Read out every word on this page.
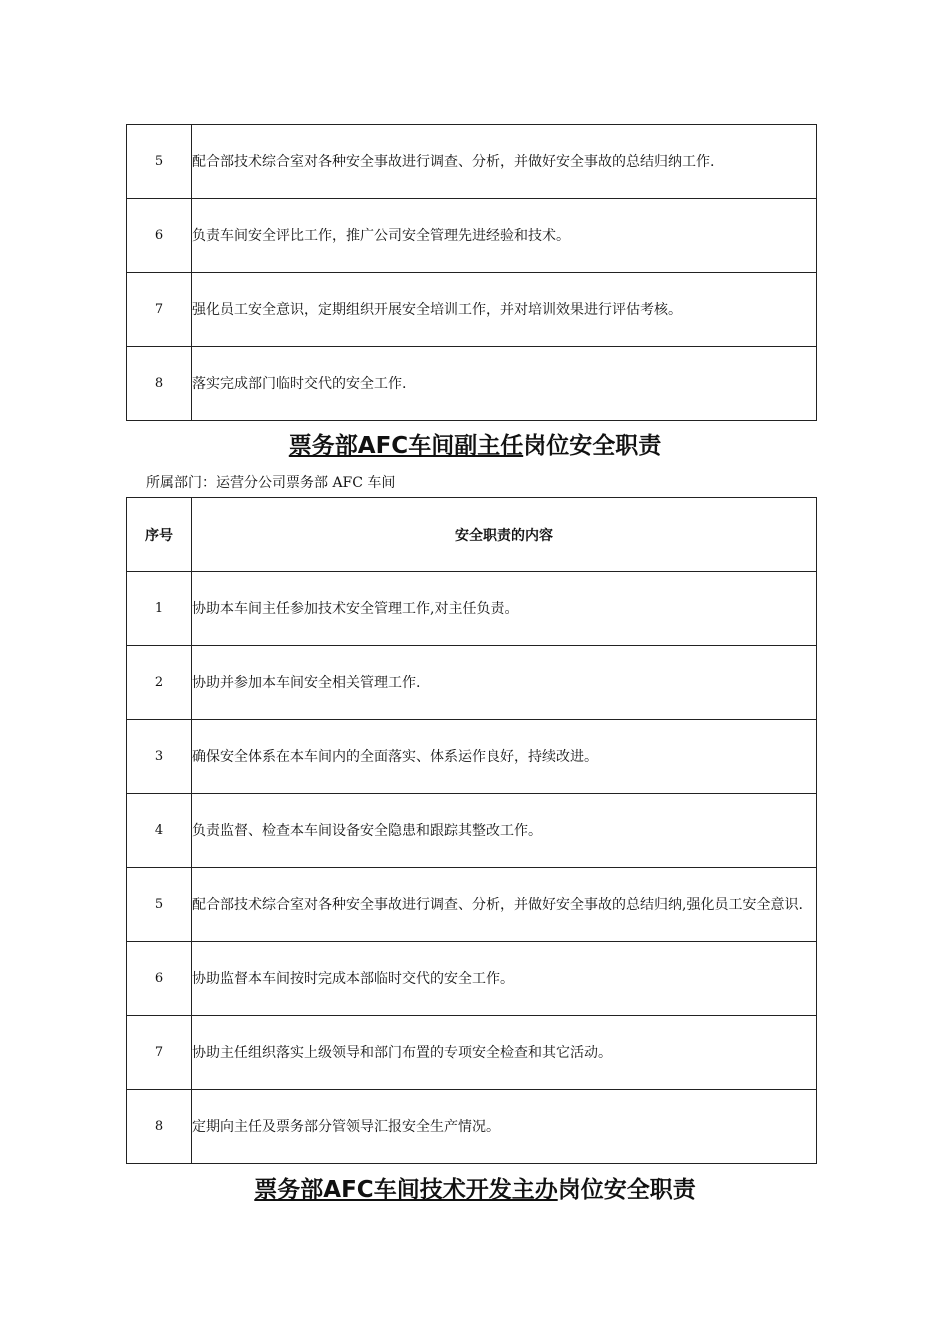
5	配合部技术综合室对各种安全事故进行调查、分析，并做好安全事故的总结归纳工作.
6	负责车间安全评比工作，推广公司安全管理先进经验和技术。
7	强化员工安全意识，定期组织开展安全培训工作，并对培训效果进行评估考核。
8	落实完成部门临时交代的安全工作.
票务部AFC车间副主任岗位安全职责
所属部门：运营分公司票务部 AFC 车间
序号	安全职责的内容
1	协助本车间主任参加技术安全管理工作,对主任负责。
2	协助并参加本车间安全相关管理工作.
3	确保安全体系在本车间内的全面落实、体系运作良好，持续改进。
4	负责监督、检查本车间设备安全隐患和跟踪其整改工作。
5	配合部技术综合室对各种安全事故进行调查、分析，并做好安全事故的总结归纳,强化员工安全意识.
6	协助监督本车间按时完成本部临时交代的安全工作。
7	协助主任组织落实上级领导和部门布置的专项安全检查和其它活动。
8	定期向主任及票务部分管领导汇报安全生产情况。
票务部AFC车间技术开发主办岗位安全职责
